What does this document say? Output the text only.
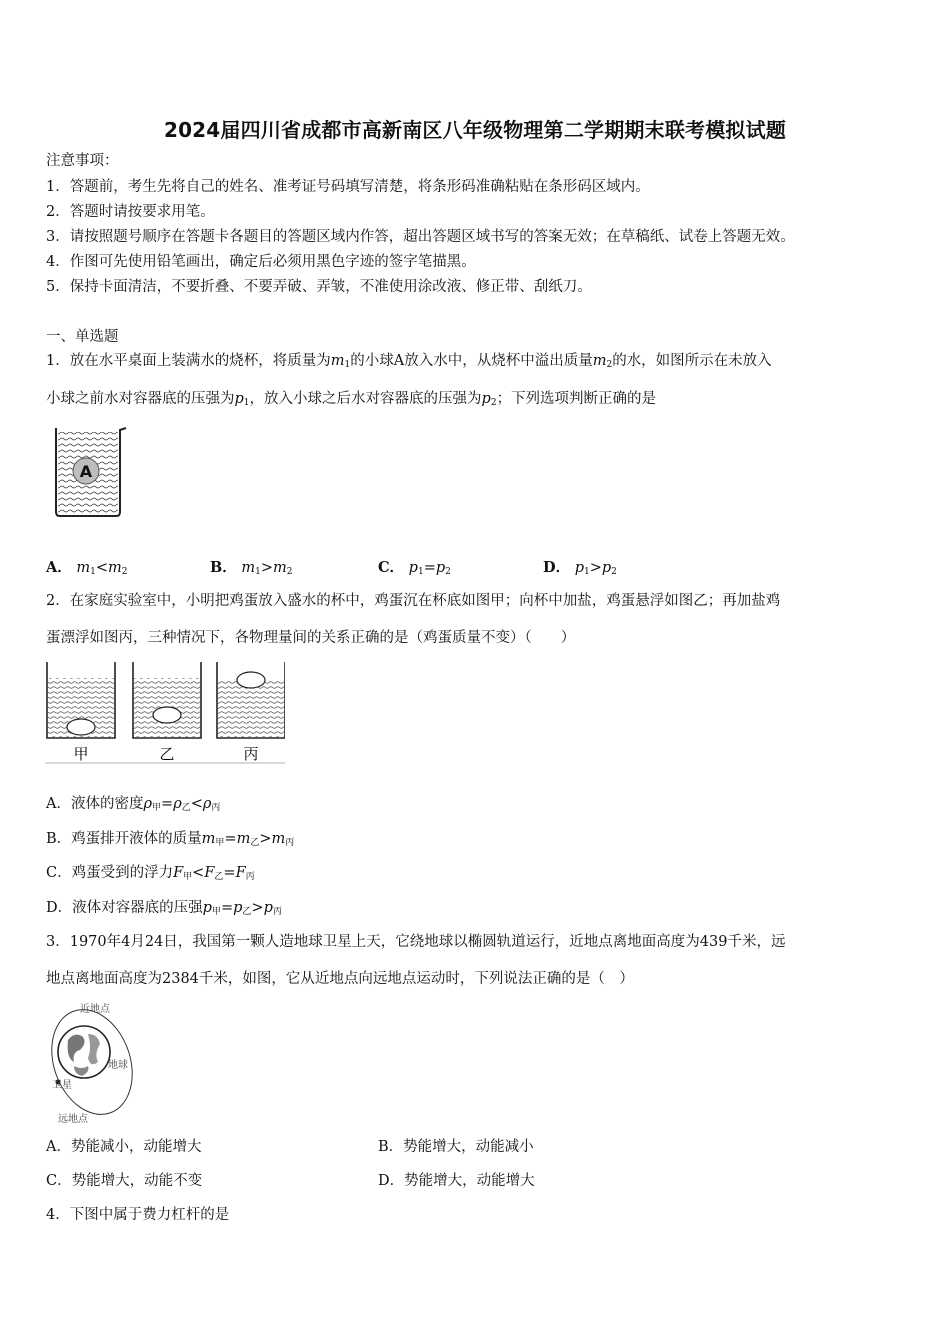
2024届四川省成都市高新南区八年级物理第二学期期末联考模拟试题
注意事项：
1．答题前，考生先将自己的姓名、准考证号码填写清楚，将条形码准确粘贴在条形码区域内。
2．答题时请按要求用笔。
3．请按照题号顺序在答题卡各题目的答题区域内作答，超出答题区域书写的答案无效；在草稿纸、试卷上答题无效。
4．作图可先使用铅笔画出，确定后必须用黑色字迹的签字笔描黑。
5．保持卡面清洁，不要折叠、不要弄破、弄皱，不准使用涂改液、修正带、刮纸刀。
一、单选题
1．放在水平桌面上装满水的烧杯，将质量为$m_1$的小球A放入水中，从烧杯中溢出质量$m_2$的水，如图所示在未放入
小球之前水对容器底的压强为$p_1$，放入小球之后水对容器底的压强为$p_2$；下列选项判断正确的是
A
A． $m_1<m_2$	B． $m_1>m_2$	C． $p_1=p_2$	D． $p_1>p_2$
2．在家庭实验室中，小明把鸡蛋放入盛水的杯中，鸡蛋沉在杯底如图甲；向杯中加盐，鸡蛋悬浮如图乙；再加盐鸡
蛋漂浮如图丙，三种情况下，各物理量间的关系正确的是（鸡蛋质量不变）（　　）
甲	乙	丙
A．液体的密度$\rho_甲=\rho_乙<\rho_丙$
B．鸡蛋排开液体的质量$m_甲=m_乙>m_丙$
C．鸡蛋受到的浮力$F_甲<F_乙=F_丙$
D．液体对容器底的压强$p_甲=p_乙>p_丙$
3．1970年4月24日，我国第一颗人造地球卫星上天，它绕地球以椭圆轨道运行，近地点离地面高度为439千米，远
地点离地面高度为2384千米，如图，它从近地点向远地点运动时，下列说法正确的是（　）
近地点
地球
卫星
远地点
A．势能减小，动能增大	B．势能增大，动能减小
C．势能增大，动能不变	D．势能增大，动能增大
4．下图中属于费力杠杆的是
